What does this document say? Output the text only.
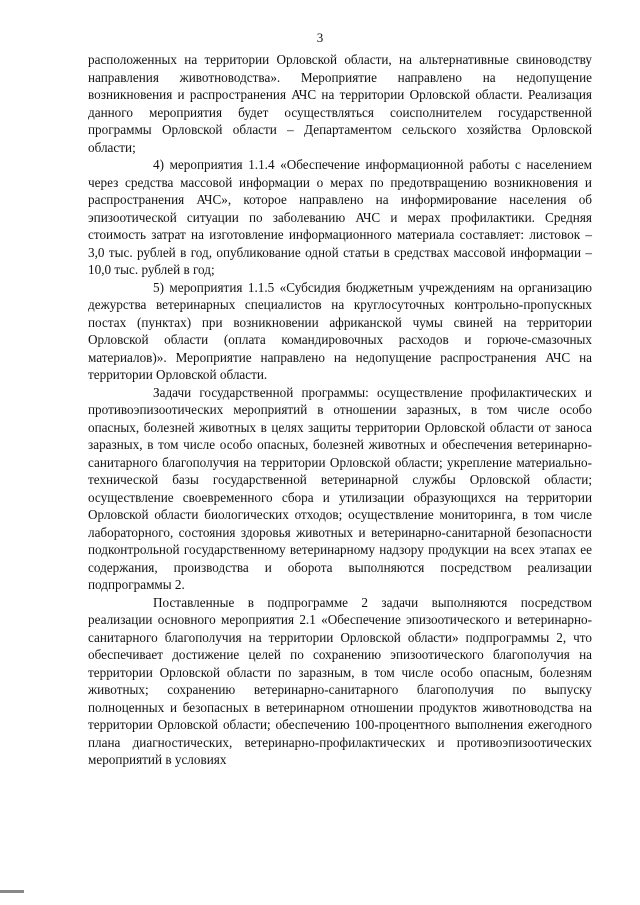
3

расположенных на территории Орловской области, на альтернативные свиноводству направления животноводства». Мероприятие направлено на недопущение возникновения и распространения АЧС на территории Орловской области. Реализация данного мероприятия будет осуществляться соисполнителем государственной программы Орловской области – Департаментом сельского хозяйства Орловской области;

4) мероприятия 1.1.4 «Обеспечение информационной работы с населением через средства массовой информации о мерах по предотвращению возникновения и распространения АЧС», которое направлено на информирование населения об эпизоотической ситуации по заболеванию АЧС и мерах профилактики. Средняя стоимость затрат на изготовление информационного материала составляет: листовок – 3,0 тыс. рублей в год, опубликование одной статьи в средствах массовой информации – 10,0 тыс. рублей в год;

5) мероприятия 1.1.5 «Субсидия бюджетным учреждениям на организацию дежурства ветеринарных специалистов на круглосуточных контрольно-пропускных постах (пунктах) при возникновении африканской чумы свиней на территории Орловской области (оплата командировочных расходов и горюче-смазочных материалов)». Мероприятие направлено на недопущение распространения АЧС на территории Орловской области.

Задачи государственной программы: осуществление профилактических и противоэпизоотических мероприятий в отношении заразных, в том числе особо опасных, болезней животных в целях защиты территории Орловской области от заноса заразных, в том числе особо опасных, болезней животных и обеспечения ветеринарно-санитарного благополучия на территории Орловской области; укрепление материально-технической базы государственной ветеринарной службы Орловской области; осуществление своевременного сбора и утилизации образующихся на территории Орловской области биологических отходов; осуществление мониторинга, в том числе лабораторного, состояния здоровья животных и ветеринарно-санитарной безопасности подконтрольной государственному ветеринарному надзору продукции на всех этапах ее содержания, производства и оборота выполняются посредством реализации подпрограммы 2.

Поставленные в подпрограмме 2 задачи выполняются посредством реализации основного мероприятия 2.1 «Обеспечение эпизоотического и ветеринарно-санитарного благополучия на территории Орловской области» подпрограммы 2, что обеспечивает достижение целей по сохранению эпизоотического благополучия на территории Орловской области по заразным, в том числе особо опасным, болезням животных; сохранению ветеринарно-санитарного благополучия по выпуску полноценных и безопасных в ветеринарном отношении продуктов животноводства на территории Орловской области; обеспечению 100-процентного выполнения ежегодного плана диагностических, ветеринарно-профилактических и противоэпизоотических мероприятий в условиях
